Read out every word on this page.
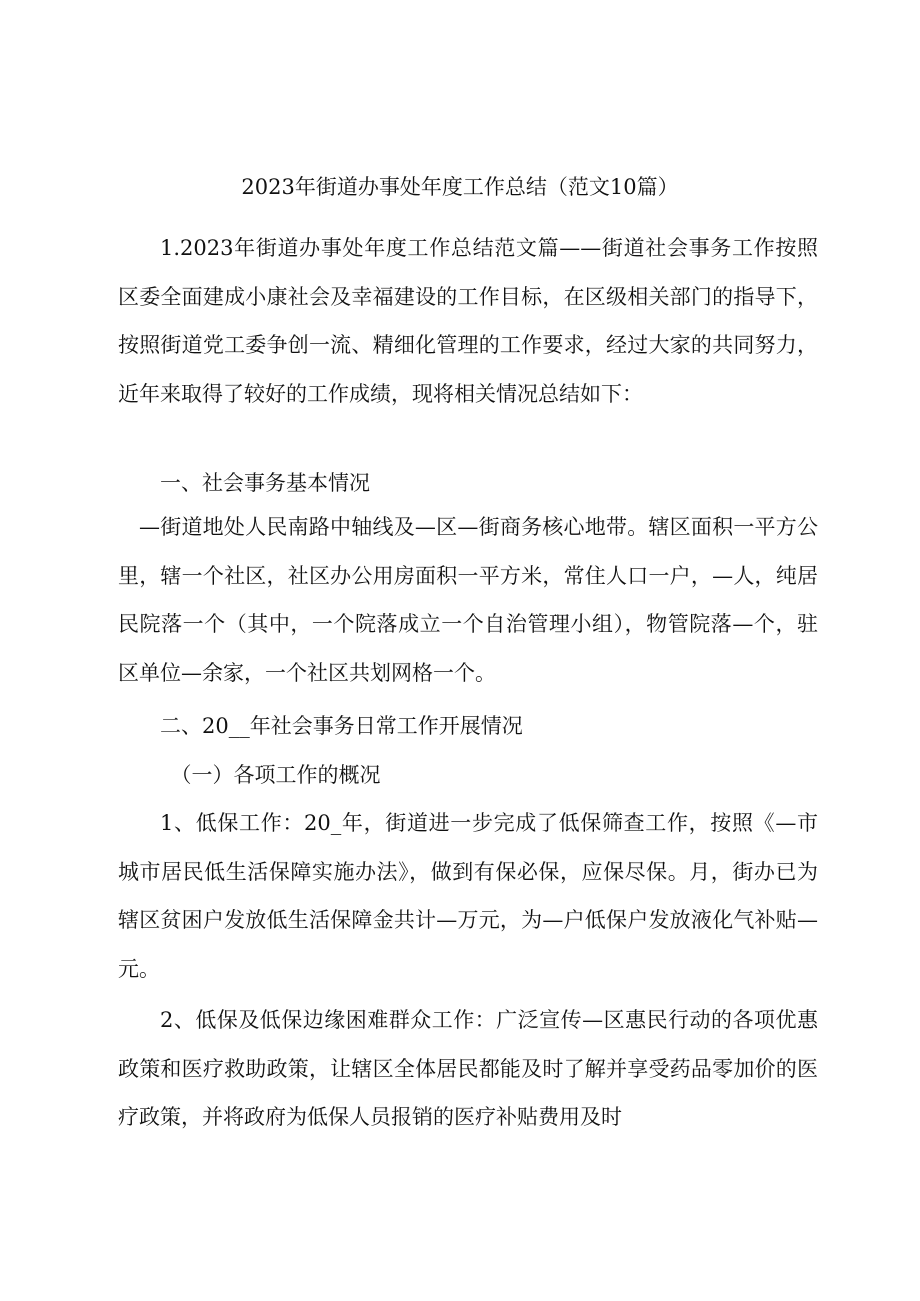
2023年街道办事处年度工作总结（范文10篇）

1.2023年街道办事处年度工作总结范文篇——街道社会事务工作按照区委全面建成小康社会及幸福建设的工作目标，在区级相关部门的指导下，按照街道党工委争创一流、精细化管理的工作要求，经过大家的共同努力，近年来取得了较好的工作成绩，现将相关情况总结如下：

一、社会事务基本情况

—街道地处人民南路中轴线及—区—街商务核心地带。辖区面积一平方公里，辖一个社区，社区办公用房面积一平方米，常住人口一户，—人，纯居民院落一个（其中，一个院落成立一个自治管理小组），物管院落—个，驻区单位—余家，一个社区共划网格一个。

二、20__年社会事务日常工作开展情况
（一）各项工作的概况

1、低保工作：20_年，街道进一步完成了低保筛查工作，按照《—市城市居民低生活保障实施办法》，做到有保必保，应保尽保。月，街办已为辖区贫困户发放低生活保障金共计—万元，为—户低保户发放液化气补贴—元。

2、低保及低保边缘困难群众工作：广泛宣传—区惠民行动的各项优惠政策和医疗救助政策，让辖区全体居民都能及时了解并享受药品零加价的医疗政策，并将政府为低保人员报销的医疗补贴费用及时
